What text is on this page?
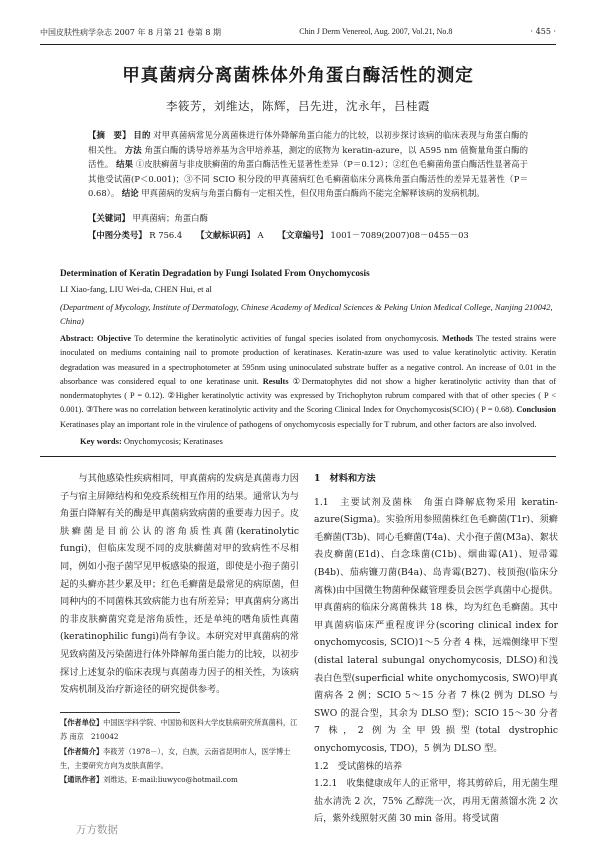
中国皮肤性病学杂志 2007 年 8 月第 21 卷第 8 期	Chin J Derm Venereol, Aug. 2007, Vol.21, No.8	· 455 ·
甲真菌病分离菌株体外角蛋白酶活性的测定
李筱芳，刘维达，陈辉，吕先进，沈永年，吕桂霞
【摘　要】 目的 对甲真菌病常见分离菌株进行体外降解角蛋白能力的比较，以初步探讨该病的临床表现与角蛋白酶的相关性。 方法 角蛋白酶的诱导培养基为含甲培养基，测定的底物为 keratin-azure，以 A595 nm 值衡量角蛋白酶的活性。 结果 ①皮肤癣菌与非皮肤癣菌的角蛋白酶活性无显著性差异（P＝0.12）；②红色毛癣菌角蛋白酶活性显著高于其他受试菌(P＜0.001)；③不同 SCIO 积分段的甲真菌病红色毛癣菌临床分离株角蛋白酶活性的差异无显著性（P＝0.68）。 结论 甲真菌病的发病与角蛋白酶有一定相关性，但仅用角蛋白酶尚不能完全解释该病的发病机制。
【关键词】 甲真菌病；角蛋白酶
【中图分类号】 R 756.4 【文献标识码】 A 【文章编号】 1001－7089(2007)08－0455－03
Determination of Keratin Degradation by Fungi Isolated From Onychomycosis
LI Xiao-fang, LIU Wei-da, CHEN Hui, et al
(Department of Mycology, Institute of Dermatology, Chinese Academy of Medical Sciences & Peking Union Medical College, Nanjing 210042, China)
Abstract: Objective To determine the keratinolytic activities of fungal species isolated from onychomycosis. Methods The tested strains were inoculated on mediums containing nail to promote production of keratinases. Keratin-azure was used to value keratinolytic activity. Keratin degradation was measured in a spectrophotometer at 595nm using uninoculated substrate buffer as a negative control. An increase of 0.01 in the absorbance was considered equal to one keratinase unit. Results ①Dermatophytes did not show a higher keratinolytic activity than that of nondermatophytes ( P = 0.12). ②Higher keratinolytic activity was expressed by Trichophyton rubrum compared with that of other species ( P < 0.001). ③There was no correlation between keratinolytic activity and the Scoring Clinical Index for Onychomycosis(SCIO) ( P = 0.68). Conclusion Keratinases play an important role in the virulence of pathogens of onychomycosis especially for T rubrum, and other factors are also involved.
Key words: Onychomycosis; Keratinases

与其他感染性疾病相同，甲真菌病的发病是真菌毒力因子与宿主屏障结构和免疫系统相互作用的结果。通常认为与角蛋白降解有关的酶是甲真菌病致病菌的重要毒力因子。皮肤癣菌是目前公认的溶角质性真菌(keratinolytic fungi)，但临床发现不同的皮肤癣菌对甲的致病性不尽相同，例如小孢子菌罕见甲板感染的报道，即使是小孢子菌引起的头癣亦甚少累及甲；红色毛癣菌是最常见的病原菌，但同种内的不同菌株其致病能力也有所差异；甲真菌病分离出的非皮肤癣菌究竟是溶角质性，还是单纯的嗜角质性真菌(keratinophilic fungi)尚有争议。本研究对甲真菌病的常见致病菌及污染菌进行体外降解角蛋白能力的比较，以初步探讨上述复杂的临床表现与真菌毒力因子的相关性，为该病发病机制及治疗新途径的研究提供参考。

【作者单位】中国医学科学院、中国协和医科大学皮肤病研究所真菌科，江苏 南京　210042

【作者简介】李筱芳（1978－），女，白族，云南省昆明市人，医学博士生，主要研究方向为皮肤真菌学。

【通讯作者】刘维达，E-mail:liuwyco@hotmail.com

1　材料和方法

1.1　主要试剂及菌株　角蛋白降解底物采用 keratin-azure(Sigma)。实验所用参照菌株红色毛癣菌(T1r)、须癣毛癣菌(T3b)、同心毛癣菌(T4a)、犬小孢子菌(M3a)、絮状表皮癣菌(E1d)、白念珠菌(C1b)、烟曲霉(A1)、短帚霉(B4b)、茄病镰刀菌(B4a)、岛青霉(B27)、枝顶孢(临床分离株)由中国微生物菌种保藏管理委员会医学真菌中心提供。甲真菌病的临床分离菌株共 18 株，均为红色毛癣菌。其中甲真菌病临床严重程度评分(scoring clinical index for onychomycosis, SCIO)1～5 分者 4 株，远端侧缘甲下型(distal lateral subungal onychomycosis, DLSO)和浅表白色型(superficial white onychomycosis, SWO)甲真菌病各 2 例；SCIO 5～15 分者 7 株(2 例为 DLSO 与 SWO 的混合型，其余为 DLSO 型)；SCIO 15～30 分者 7 株，2 例为全甲毁损型(total dystrophic onychomycosis, TDO)，5 例为 DLSO 型。

1.2　受试菌株的培养

1.2.1　收集健康成年人的正常甲，将其剪碎后，用无菌生理盐水清洗 2 次，75% 乙醇洗一次，再用无菌蒸馏水洗 2 次后，紫外线照射灭菌 30 min 备用。将受试菌

万方数据
